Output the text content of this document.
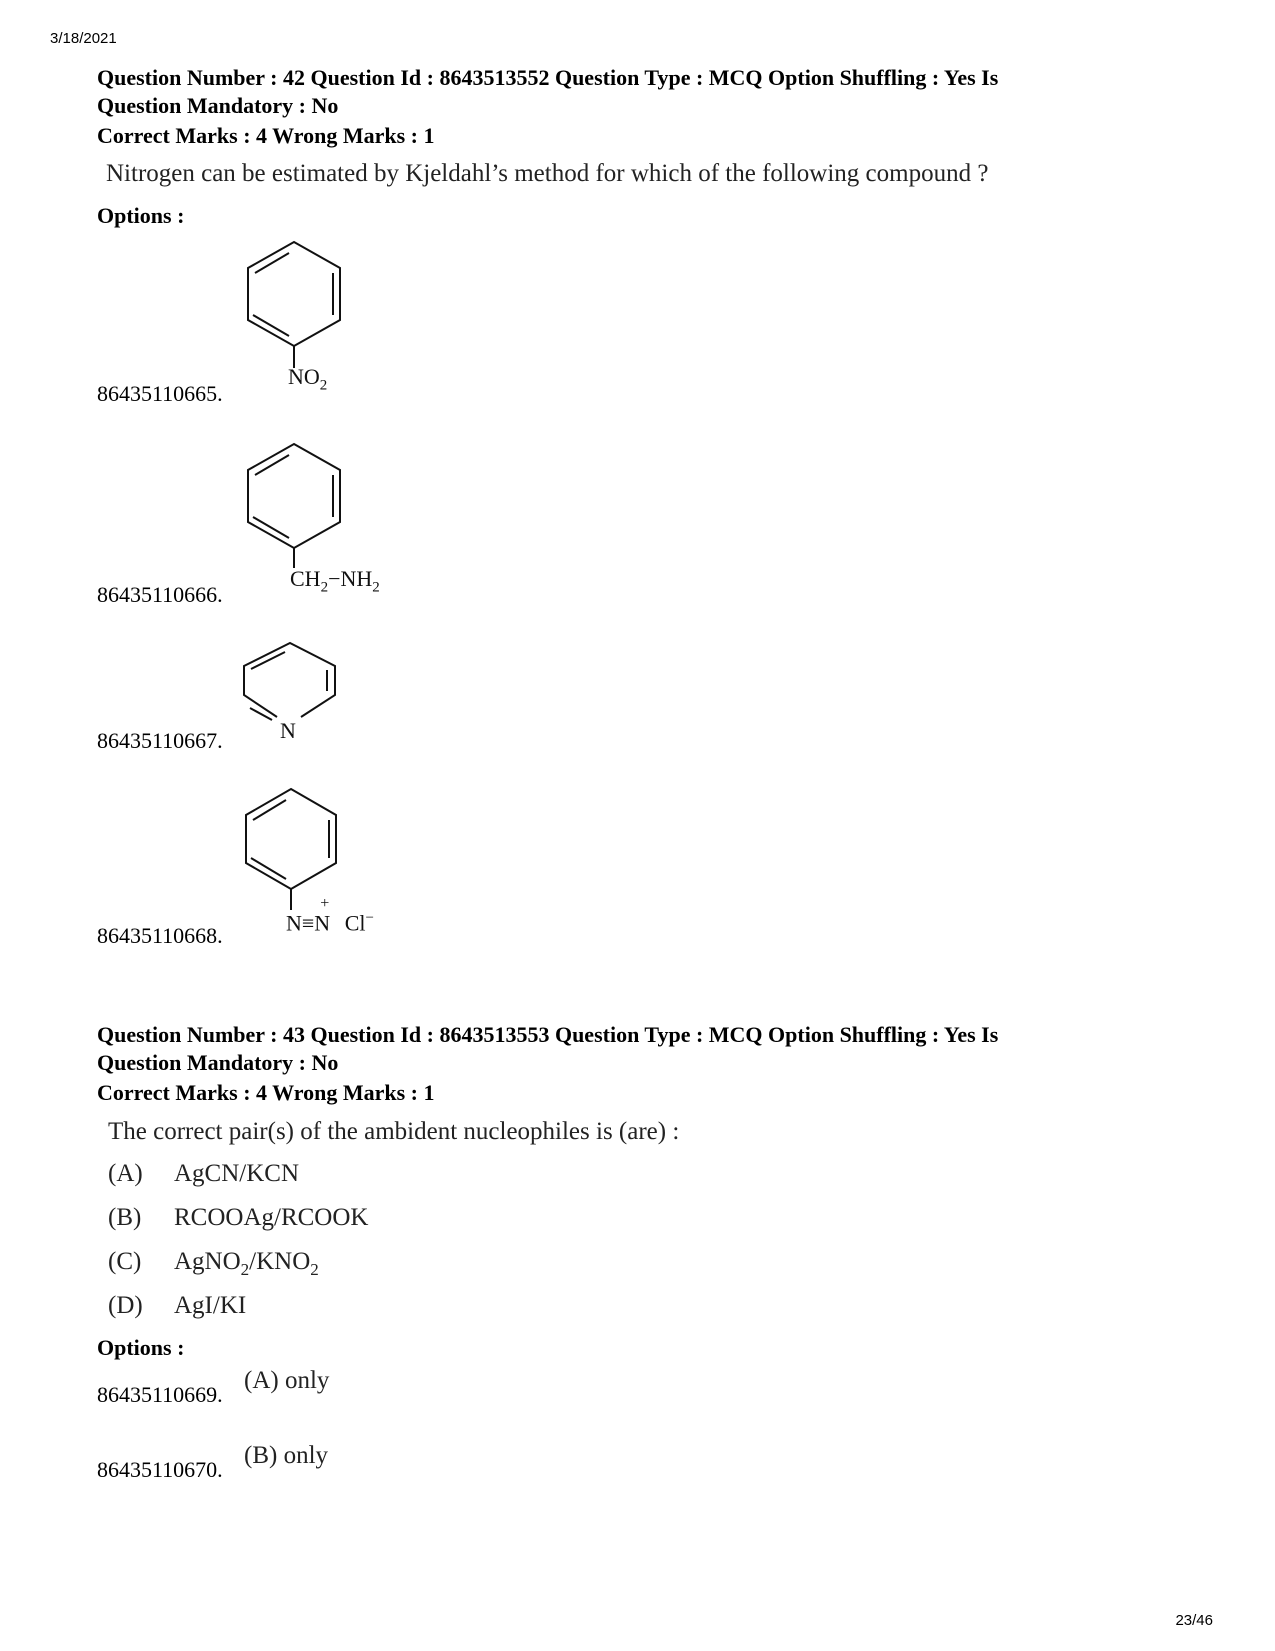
3/18/2021
Question Number : 42 Question Id : 8643513552 Question Type : MCQ Option Shuffling : Yes Is
Question Mandatory : No
Correct Marks : 4 Wrong Marks : 1
Nitrogen can be estimated by Kjeldahl’s method for which of the following compound ?
Options :
86435110665.
$NO_2$
86435110666.
$CH_2-NH_2$
86435110667.	N
86435110668.
N≡N+ Cl−
Question Number : 43 Question Id : 8643513553 Question Type : MCQ Option Shuffling : Yes Is
Question Mandatory : No
Correct Marks : 4 Wrong Marks : 1
The correct pair(s) of the ambident nucleophiles is (are) :
(A) AgCN/KCN
(B) RCOOAg/RCOOK
(C) $AgNO_2/KNO_2$
(D) AgI/KI
Options :
86435110669.
(A) only
86435110670.
(B) only
23/46
